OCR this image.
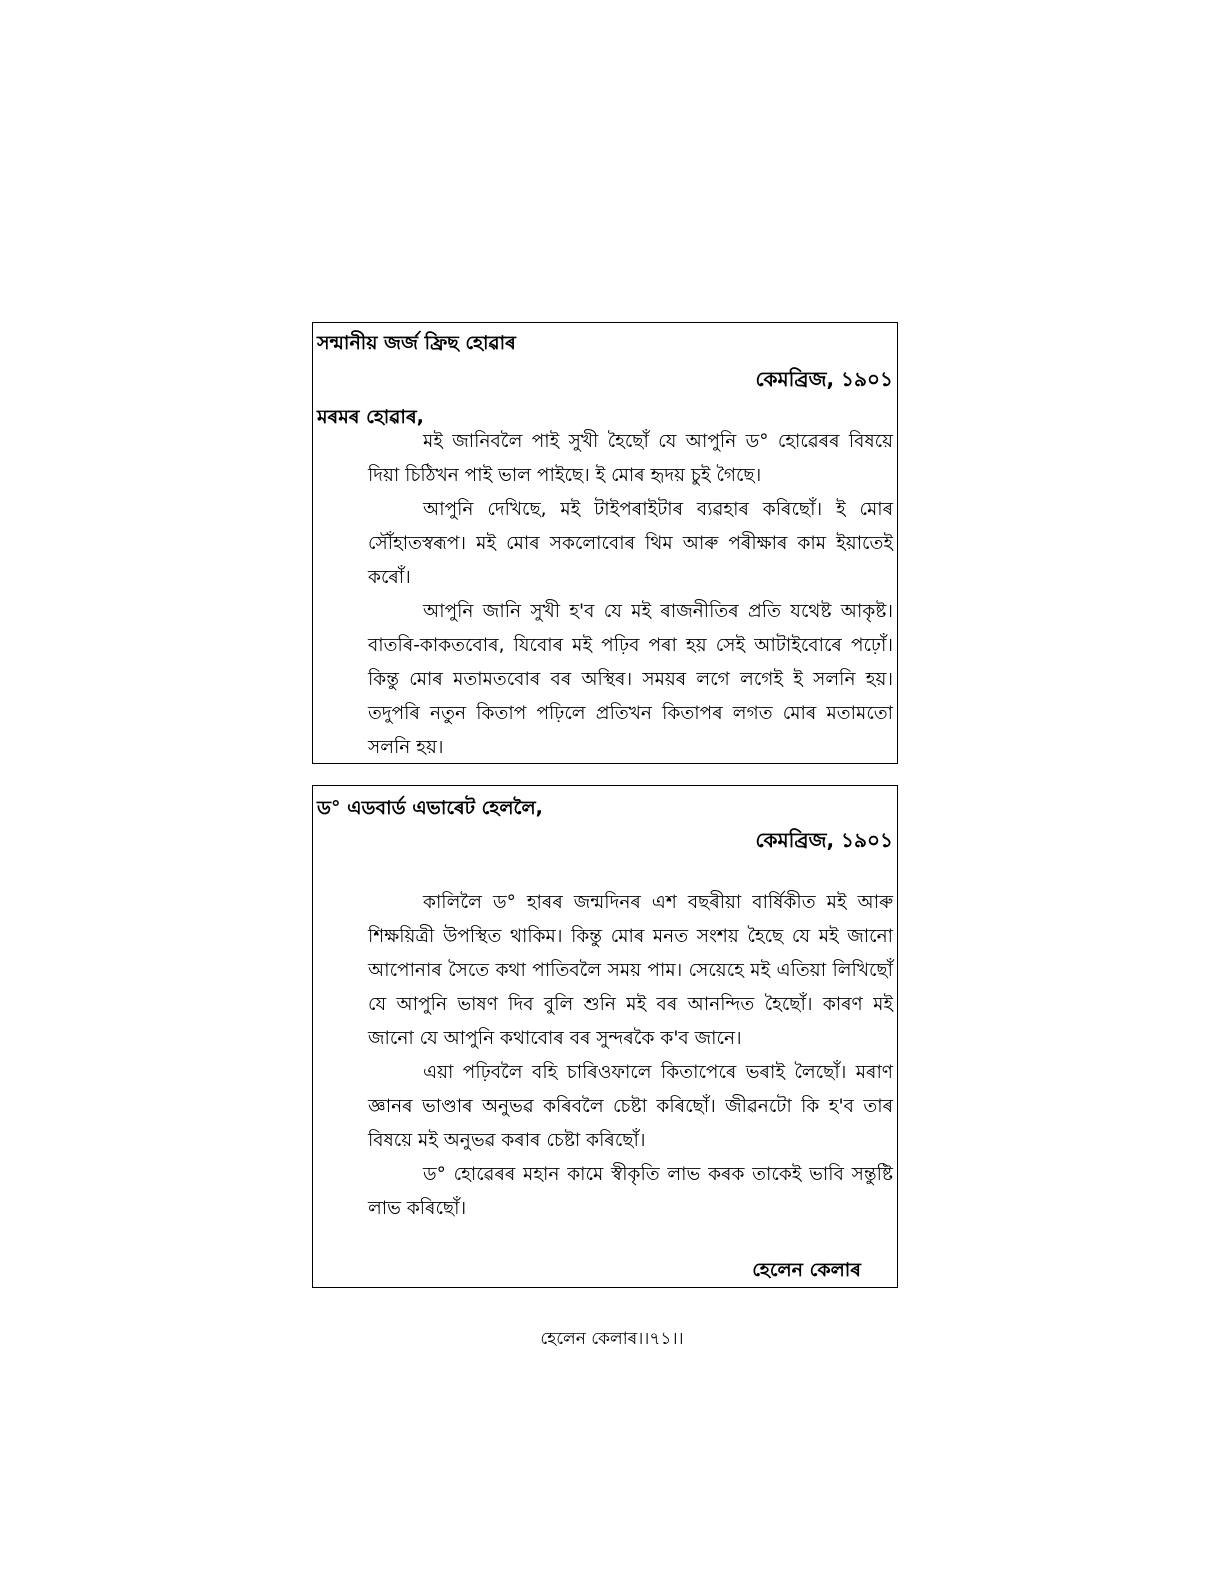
সন্মানীয় জৰ্জ ফ্ৰিছ হোৱাৰ
কেমব্ৰিজ, ১৯০১
মৰমৰ হোৱাৰ,

মই জানিবলৈ পাই সুখী হৈছোঁ যে আপুনি ড° হোৱেৰৰ বিষয়ে দিয়া চিঠিখন পাই ভাল পাইছে। ই মোৰ হৃদয় চুই গৈছে।

আপুনি দেখিছে, মই টাইপৰাইটাৰ ব্যৱহাৰ কৰিছোঁ। ই মোৰ সৌঁহাতস্বৰূপ। মই মোৰ সকলোবোৰ থিম আৰু পৰীক্ষাৰ কাম ইয়াতেই কৰোঁ।

আপুনি জানি সুখী হ'ব যে মই ৰাজনীতিৰ প্ৰতি যথেষ্ট আকৃষ্ট। বাতৰি-কাকতবোৰ, যিবোৰ মই পঢ়িব পৰা হয় সেই আটাইবোৰে পঢ়োঁ। কিন্তু মোৰ মতামতবোৰ বৰ অস্থিৰ। সময়ৰ লগে লগেই ই সলনি হয়। তদুপৰি নতুন কিতাপ পঢ়িলে প্ৰতিখন কিতাপৰ লগত মোৰ মতামতো সলনি হয়।

ড° এডবাৰ্ড এভাৰেট হেললৈ,
কেমব্ৰিজ, ১৯০১

কালিলৈ ড° হাৰৰ জন্মদিনৰ এশ বছৰীয়া বাৰ্ষিকীত মই আৰু শিক্ষয়িত্ৰী উপস্থিত থাকিম। কিন্তু মোৰ মনত সংশয় হৈছে যে মই জানো আপোনাৰ সৈতে কথা পাতিবলৈ সময় পাম। সেয়েহে মই এতিয়া লিখিছোঁ যে আপুনি ভাষণ দিব বুলি শুনি মই বৰ আনন্দিত হৈছোঁ। কাৰণ মই জানো যে আপুনি কথাবোৰ বৰ সুন্দৰকৈ ক'ব জানে।

এয়া পঢ়িবলৈ বহি চাৰিওফালে কিতাপেৰে ভৰাই লৈছোঁ। মৰাণ জ্ঞানৰ ভাণ্ডাৰ অনুভৱ কৰিবলৈ চেষ্টা কৰিছোঁ। জীৱনটো কি হ'ব তাৰ বিষয়ে মই অনুভৱ কৰাৰ চেষ্টা কৰিছোঁ।

ড° হোৱেৰৰ মহান কামে স্বীকৃতি লাভ কৰক তাকেই ভাবি সন্তুষ্টি লাভ কৰিছোঁ।

হেলেন কেলাৰ
হেলেন কেলাৰ।।৭১।।
